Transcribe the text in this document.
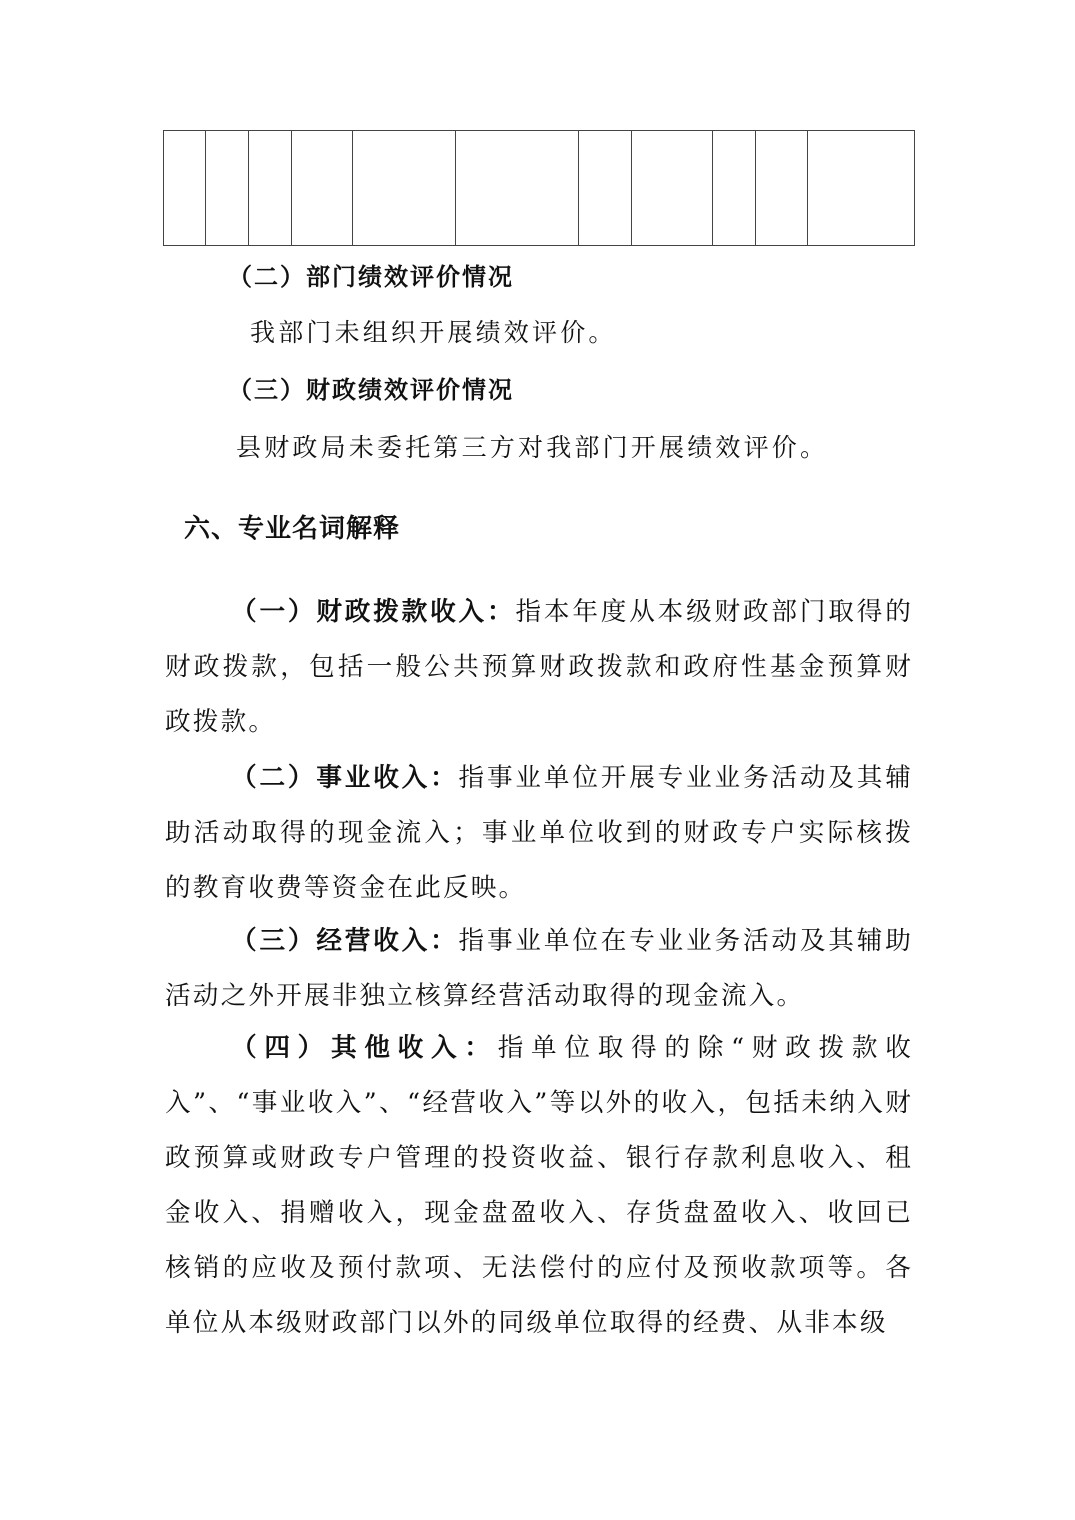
（二）部门绩效评价情况

我部门未组织开展绩效评价。

（三）财政绩效评价情况

县财政局未委托第三方对我部门开展绩效评价。

六、专业名词解释

（一）财政拨款收入：指本年度从本级财政部门取得的财政拨款，包括一般公共预算财政拨款和政府性基金预算财政拨款。

（二）事业收入：指事业单位开展专业业务活动及其辅助活动取得的现金流入；事业单位收到的财政专户实际核拨的教育收费等资金在此反映。

（三）经营收入：指事业单位在专业业务活动及其辅助活动之外开展非独立核算经营活动取得的现金流入。

（四）其他收入：指单位取得的除“财政拨款收入”、“事业收入”、“经营收入”等以外的收入，包括未纳入财政预算或财政专户管理的投资收益、银行存款利息收入、租金收入、捐赠收入，现金盘盈收入、存货盘盈收入、收回已核销的应收及预付款项、无法偿付的应付及预收款项等。各单位从本级财政部门以外的同级单位取得的经费、从非本级
